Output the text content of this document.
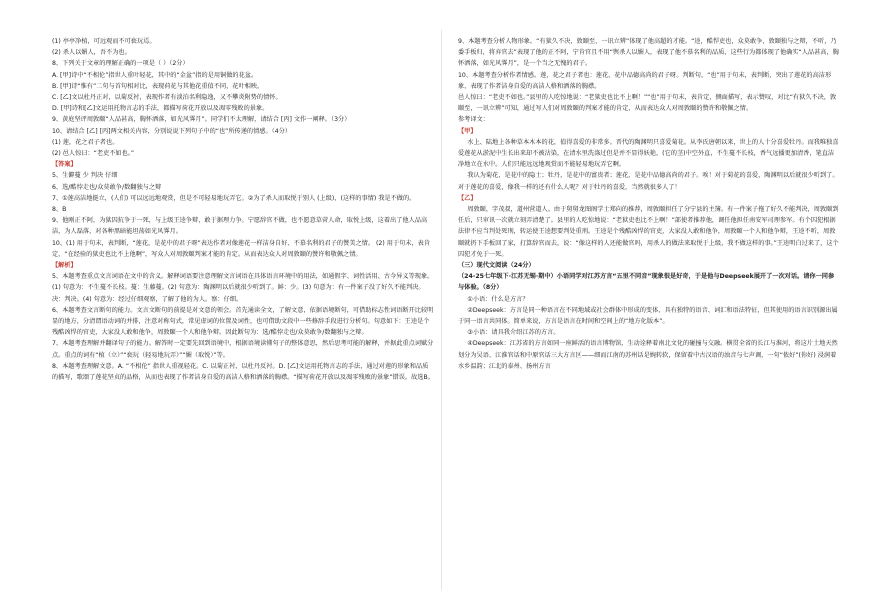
(1) 亭亭净植，可远观而不可亵玩焉。
(2) 杀人以媚人，吾不为也。
8、下列关于文章的理解正确的一项是（ ）（2分）
A. [甲]诗中“不相伦”指世人重叶轻花，其中的“金盆”指的是用铜做的花盆。
B. [甲]诗“惟有”二句与首句相对比，表现荷花与其他花重值不同，花叶相映。
C. [乙]文以杜丹正对，以菊反衬，表现作者有淡泊名利隐逸，又不攀炎附势的情怀。
D. [甲]诗和[乙]文运用托物言志的手法，都描写荷花开放以及凋零残败的景象。
9、黄庭坚评周敦颐“人品甚高，胸怀洒落，如光风霁月”。同学们不太理解，请结合 [丙] 文作一阐释。（3分）
10、请结合 [乙] [丙]两文相关内容，分别说说下列句子中的“也”所传递的情感。（4分）
(1) 莲，花之君子者也。
(2) 邑人惊曰：“老吏不如也。”
【答案】
5、生僻蔓 少 判决 仔细
6、选/酷悖走也/众莫敢争/数翻独与之辩
7、①莲高洁地挺立，(人们) 可以远远地观赏，但是不可轻易地玩弄它。②为了杀人而取悦于别人 (上级)，(这样的事情) 我是不做的。
8、B
9、他刚正不阿，为狱囚抗争于一死，与上级王逵争辩，敢于据理力争。宁愿辞官不做，也不愿意草菅人命，取悦上级，这着出了他人品高洁，为人磊落，对各种黑暗能坦荡如光风霁月。
10、(1) 用于句末，表判断，“莲花，是花中的君子呀”表达作者对像莲花一样洁身自好、不慕名利的君子的赞美之情。 (2) 用于句末，表肯定，“在经验的狱吏也比不上他啊”，写众人对周敦颐判案才能的肯定。从而表达众人对周敦颐的赞许和敬佩之情。
【解析】
5、本题考查重点文言词语在文中的含义。解释词语要注意理解文言词语在具体语言环境中的用法，如通假字、词性活用、古今异义等现象。(1) 句意为：不生蔓不长枝。蔓：生藤蔓。(2) 句意为：陶渊明以后就很少听到了。鲜：少。(3) 句意为：有一件案子没了好久不能判决。决：判决。(4) 句意为：经过仔细观察，了解了他的为人。察：仔细。
6、本题考查文言断句的能力。文言文断句的前提是对文意的领会。首先通读全文，了解文意，依据语境断句，可借助标志性词语断开比较明显的地方，分清谓语动词的并排，注意对称句式，常见虚词的位置及词性，也可借助文段中一些修辞手段进行分析句。句意如下：王逵是个残酷凶悍的官吏，大家没人敢和他争，周敦颐一个人和他争辩。因此断句为：选/酷悖走也/众莫敢争/数翻独与之辩。
7、本题考查理解并翻译句子的能力。解答时一定要先回到语境中，根据语境读懂句子的整体意思，然后思考可能的解释，并据此重点词赋分点。重点的词有“植（立）”“亵玩（轻易地玩弄）”“媚（取悦）”等。
8、本题考查理解文意。A. “不相伦” 指世人重视轻花。C. 以菊正衬，以杜丹反衬。D. [乙]文运用托物言志的手法，通过对莲的形象和品质的描写，歌颂了莲花坚贞的品格，从而也表现了作者洁身自爱的高洁人格和洒落的胸襟。“描写荷花开放以及凋零残败的景象”错误。故选B。
9、本题考查分析人物形象。“有狱久不决，敦颐至，一讯立辨”体现了他高超的才能。“逵，酷悍吏也，众莫敢争，敦颐独与之辩，不听，乃委手板归，将弃官去”表现了他的正不阿，宁肯官且不用“舆杀人以媚人，表现了他不慕名利的品质，这些行为都体现了他确实“人品甚高，胸怀洒落，如光风霁月”，是一个当之无愧的君子。
10、本题考查分析作者情感。莲，花之君子者也：莲花，花中品德高尚的君子呀。判断句，“也”用于句末，表判断，突出了莲花的高洁形象，表现了作者洁身自爱的高洁人格和洒落的胸襟。
邑人惊曰：“老吏不如也。”县里的人吃惊地说：“老狱吏也比不上啊！”“也”用于句末，表肯定，侧面描写，表示赞叹，对比“有狱久不决，敦颐至，一讯立辨”可知，通过写人们对周敦颐的判案才能的肯定，从而表达众人对周敦颐的赞许和敬佩之情。
参考译文：
【甲】
水上、陆地上各种草本木本的花，值得喜爱的非常多。晋代的陶渊明只喜爱菊花。从李氏唐朝以来，世上的人十分喜爱牡丹。而我唯独喜爱莲花从淤泥中生长出来却不被沾染，在清水里洗涤过但是并不显得妖艳，(它的茎)中空外直，不生蔓不长枝，香气远播更加清香，笔直洁净地立在水中。人们只能远远地观赏而不能轻易地玩弄它啊。
我认为菊花，是花中的隐士；牡丹，是花中的富贵者；莲花，是花中品德高尚的君子。唉！对于菊花的喜爱，陶渊明以后就很少听到了。对于莲花的喜爱，像我一样的还有什么人呢？对于牡丹的喜爱，当然就很多人了！
【乙】
周敦颐，字茂叔，道州营道人。由于舅舅龙图阁学士郑向的推荐，周敦颐担任了分宁县的主簿。有一件案子拖了好久不能判决，周敦颐到任后，只审讯一次就立刻弄清楚了。县里的人吃惊地说：“老狱吏也比不上啊！”部使者推荐他，调任他担任南安军司理参军。有个囚犯根据法律不应当判处死刑，转运使王逵想要判处重刑。王逵是个残酷凶悍的官吏，大家没人敢和他争，周敦颐一个人和他争辩，王逵不听，周敦颐就扔下手板回了家，打算辞官而去，说：“像这样的人还能做官吗，用杀人的做法来取悦于上级，我不做这样的事。”王逵明白过来了，这个囚犯才免于一死。
（三）现代文阅读（24分）
（24-25七年级下·江苏无锡·期中）小语同学对江苏方言“五里不同音”现象很是好奇，于是他与Deepseek展开了一次对话。请你一同参与体验。（8分）
①小语：什么是方言？
②Deepseek：方言是同一种语言在不同地域或社会群体中形成的变体，具有独特的语音、词汇和语法特征，但其使用的语言识别源出属于同一语言共同体。简单来说，方言是语言在时间和空间上的“地方化版本”。
③小语：请具我介绍江苏的方言。
④Deepseek：江苏省的方言如同一座鲜活的语言博物馆，生动诠释着南北文化的碰撞与交融。横贯全省的长江与淮河，将这片土地天然划分为吴语、江淮官话和中原官话三大方言区——细而江南的苏州话是婉转软，保留着中古汉语的浊音与七声调，一句“侬好”(你好) 浸润着水乡温韵；江北的泰州、扬州方言
